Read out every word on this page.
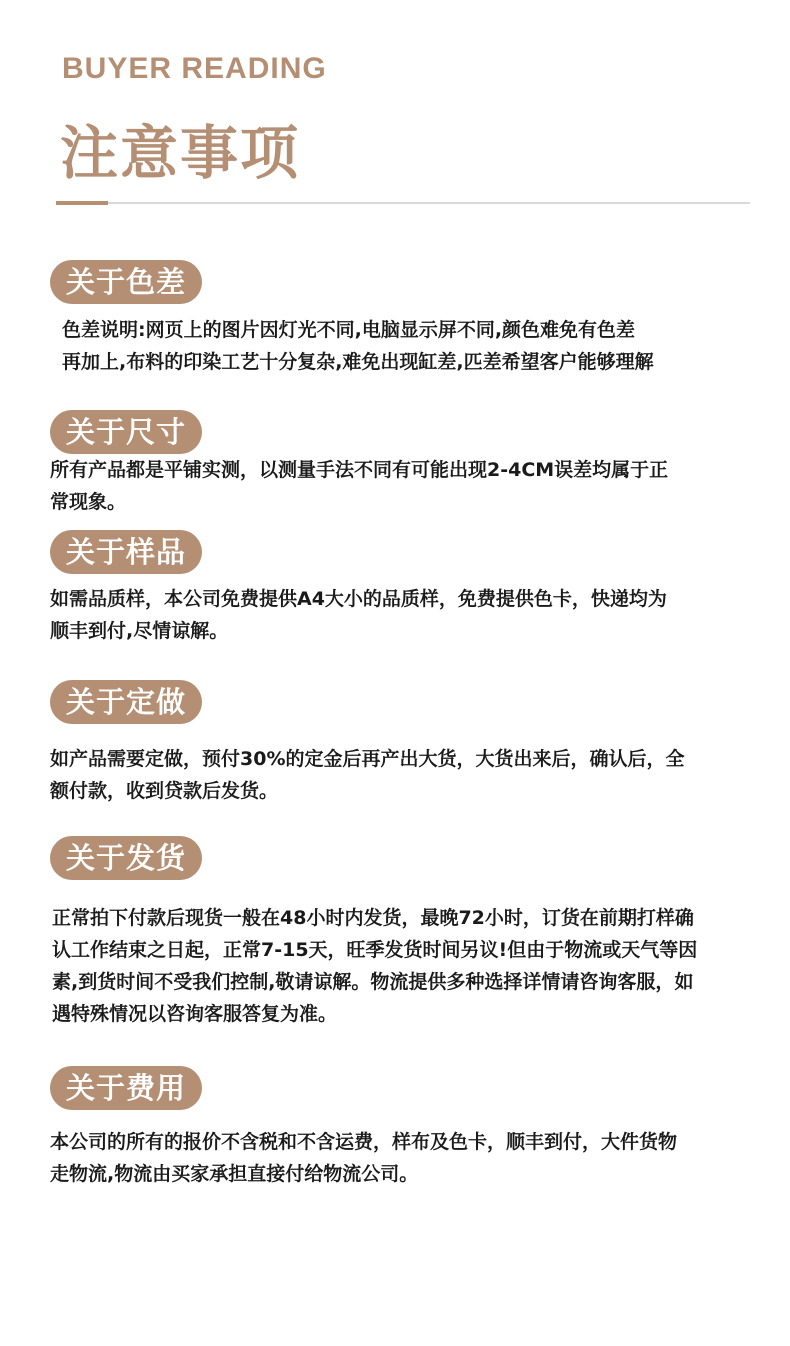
BUYER READING
注意事项
关于色差

色差说明:网页上的图片因灯光不同,电脑显示屏不同,颜色难免有色差

再加上,布料的印染工艺十分复杂,难免出现缸差,匹差希望客户能够理解

关于尺寸

所有产品都是平铺实测，以测量手法不同有可能出现2-4CM误差均属于正

常现象。

关于样品

如需品质样，本公司免费提供A4大小的品质样，免费提供色卡，快递均为

顺丰到付,尽情谅解。

关于定做

如产品需要定做，预付30%的定金后再产出大货，大货出来后，确认后，全

额付款，收到贷款后发货。

关于发货

正常拍下付款后现货一般在48小时内发货，最晚72小时，订货在前期打样确

认工作结束之日起，正常7-15天，旺季发货时间另议!但由于物流或天气等因

素,到货时间不受我们控制,敬请谅解。物流提供多种选择详情请咨询客服，如

遇特殊情况以咨询客服答复为准。

关于费用

本公司的所有的报价不含税和不含运费，样布及色卡，顺丰到付，大件货物

走物流,物流由买家承担直接付给物流公司。
